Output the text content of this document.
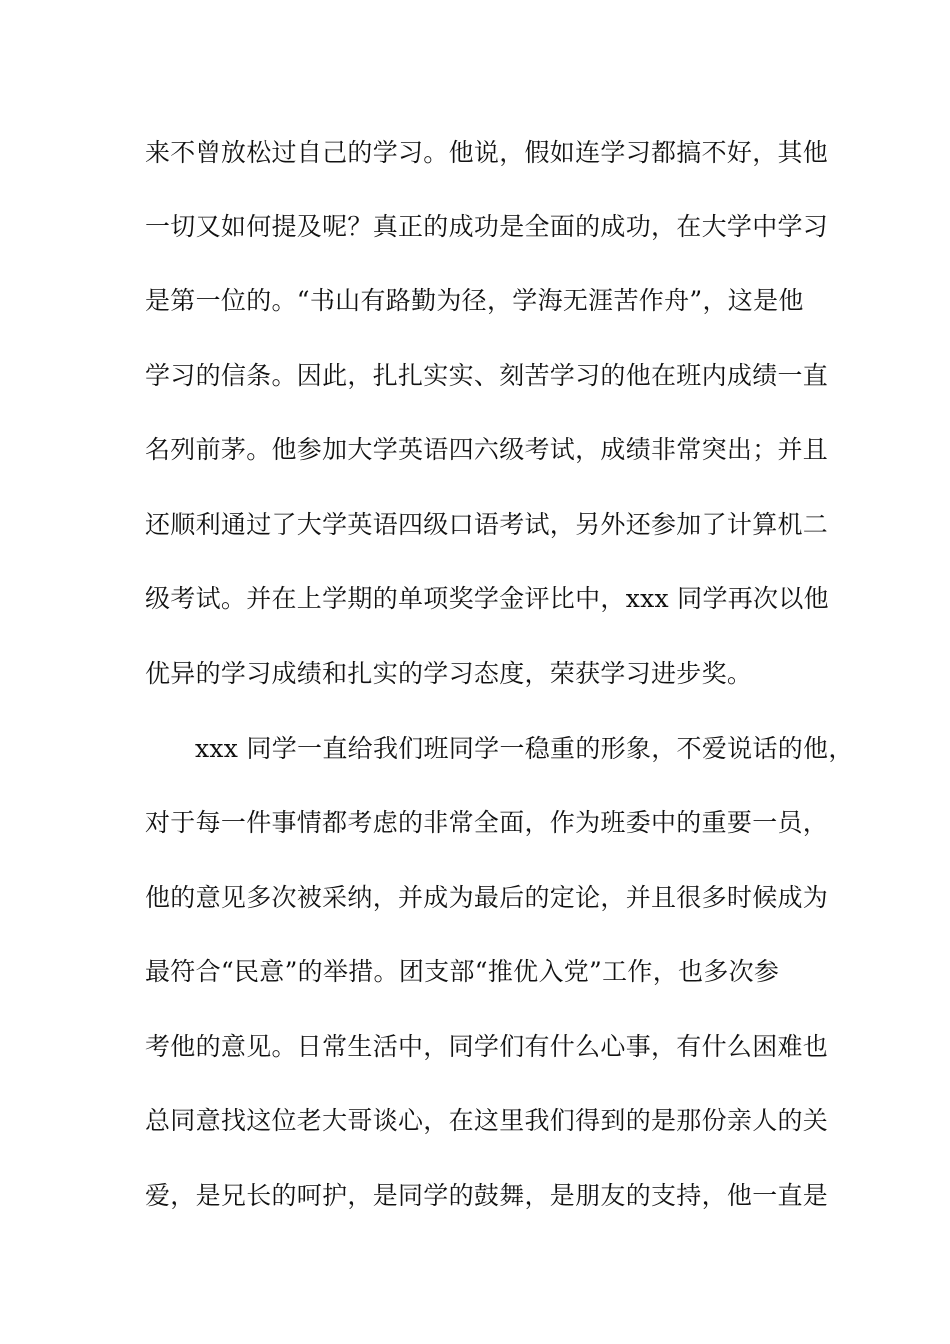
来不曾放松过自己的学习。他说，假如连学习都搞不好，其他
一切又如何提及呢？真正的成功是全面的成功，在大学中学习
是第一位的。“书山有路勤为径，学海无涯苦作舟”，这是他
学习的信条。因此，扎扎实实、刻苦学习的他在班内成绩一直
名列前茅。他参加大学英语四六级考试，成绩非常突出；并且
还顺利通过了大学英语四级口语考试，另外还参加了计算机二
级考试。并在上学期的单项奖学金评比中，xxx 同学再次以他
优异的学习成绩和扎实的学习态度，荣获学习进步奖。
xxx 同学一直给我们班同学一稳重的形象，不爱说话的他，
对于每一件事情都考虑的非常全面，作为班委中的重要一员，
他的意见多次被采纳，并成为最后的定论，并且很多时候成为
最符合“民意”的举措。团支部“推优入党”工作，也多次参
考他的意见。日常生活中，同学们有什么心事，有什么困难也
总同意找这位老大哥谈心，在这里我们得到的是那份亲人的关
爱，是兄长的呵护，是同学的鼓舞，是朋友的支持，他一直是
